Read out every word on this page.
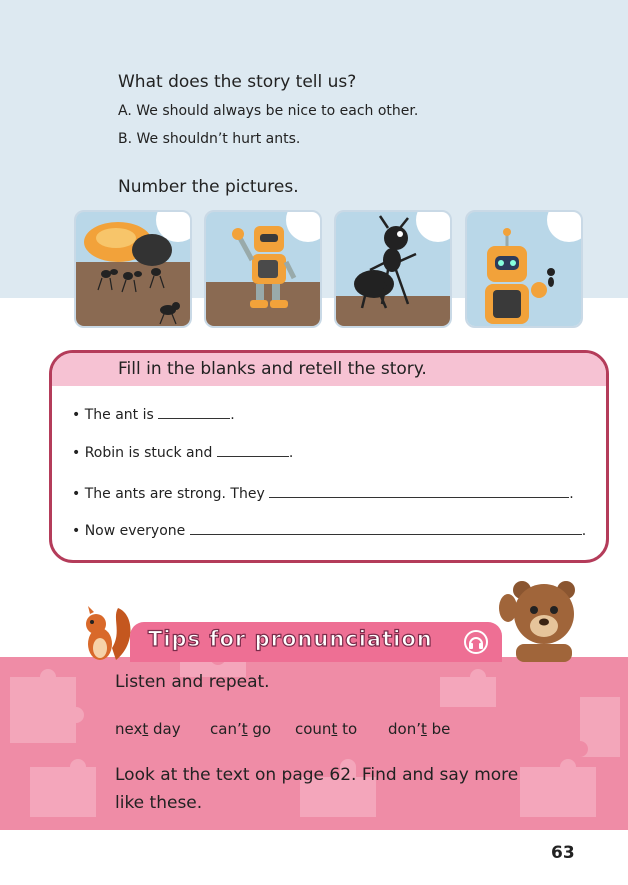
What does the story tell us?
A. We should always be nice to each other.
B. We shouldn’t hurt ants.
Number the pictures.
Fill in the blanks and retell the story.
• The ant is	.
• Robin is stuck and	.
• The ants are strong. They	.
• Now everyone	.
Tips for pronunciation
Listen and repeat.
next day can’t go count to don’t be
Look at the text on page 62. Find and say more like these.
63
